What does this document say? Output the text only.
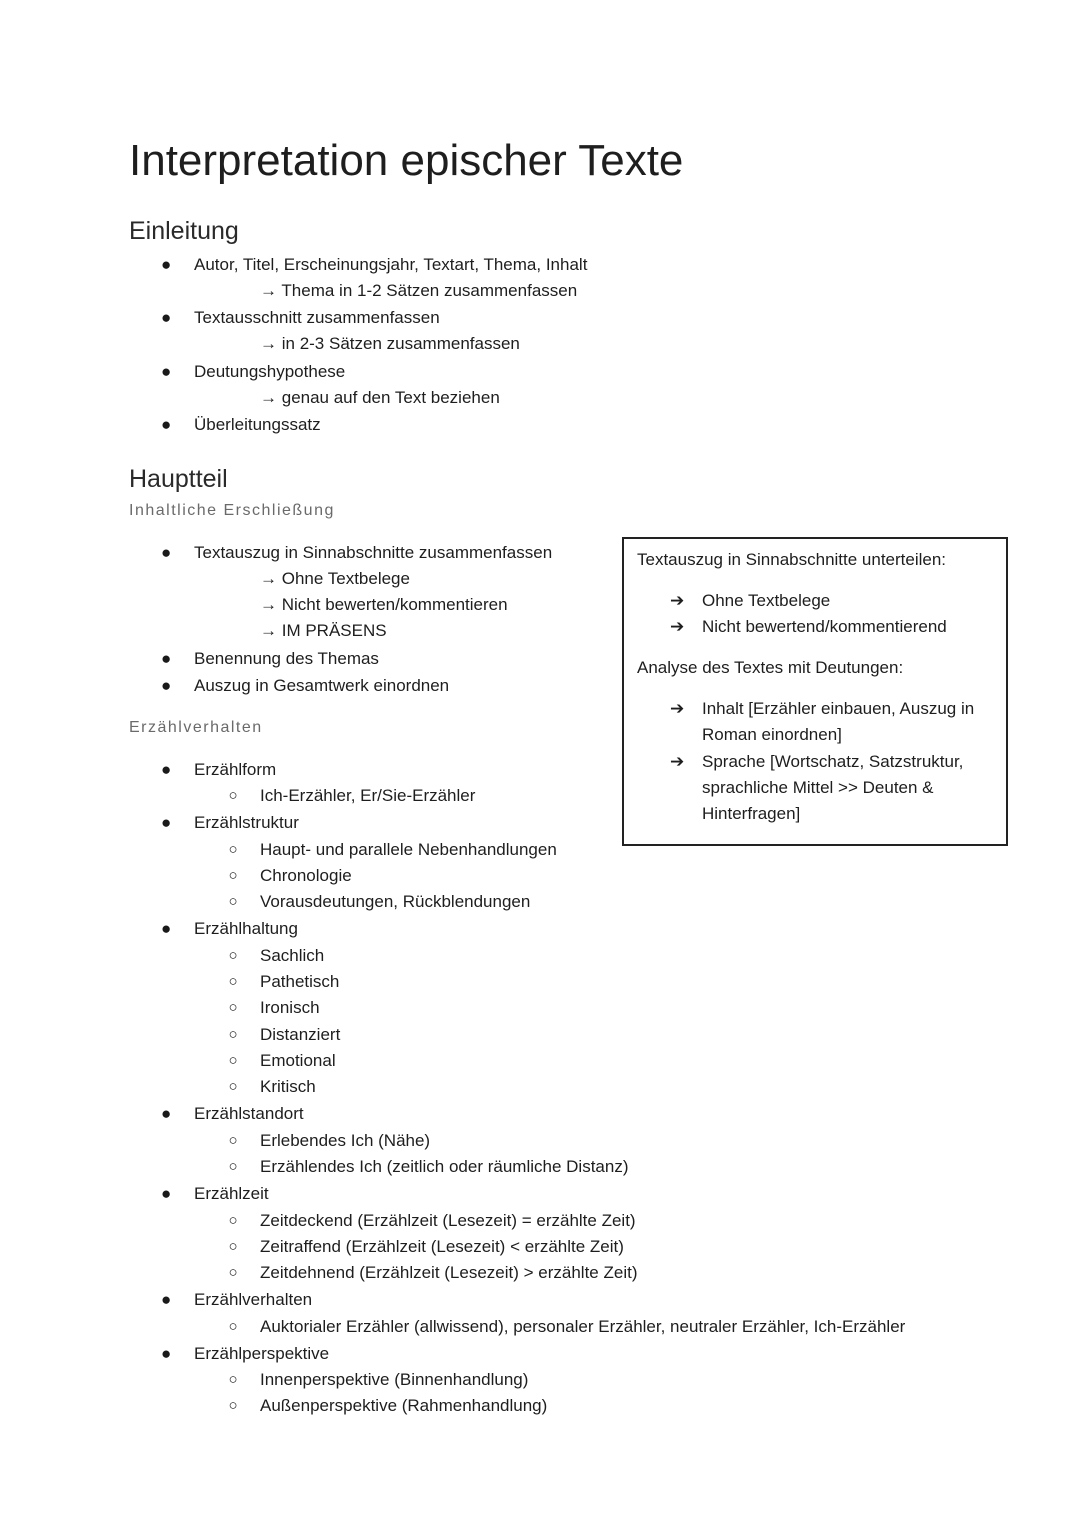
Interpretation epischer Texte
Einleitung
● Autor, Titel, Erscheinungsjahr, Textart, Thema, Inhalt
→ Thema in 1-2 Sätzen zusammenfassen
● Textausschnitt zusammenfassen
→ in 2-3 Sätzen zusammenfassen
● Deutungshypothese
→ genau auf den Text beziehen
● Überleitungssatz
Hauptteil
Inhaltliche Erschließung
● Textauszug in Sinnabschnitte zusammenfassen
→ Ohne Textbelege
→ Nicht bewerten/kommentieren
→ IM PRÄSENS
● Benennung des Themas
● Auszug in Gesamtwerk einordnen
Erzählverhalten
● Erzählform
○ Ich-Erzähler, Er/Sie-Erzähler
● Erzählstruktur
○ Haupt- und parallele Nebenhandlungen
○ Chronologie
○ Vorausdeutungen, Rückblendungen
● Erzählhaltung
○ Sachlich
○ Pathetisch
○ Ironisch
○ Distanziert
○ Emotional
○ Kritisch
● Erzählstandort
○ Erlebendes Ich (Nähe)
○ Erzählendes Ich (zeitlich oder räumliche Distanz)
● Erzählzeit
○ Zeitdeckend (Erzählzeit (Lesezeit) = erzählte Zeit)
○ Zeitraffend (Erzählzeit (Lesezeit) < erzählte Zeit)
○ Zeitdehnend (Erzählzeit (Lesezeit) > erzählte Zeit)
● Erzählverhalten
○ Auktorialer Erzähler (allwissend), personaler Erzähler, neutraler Erzähler, Ich-Erzähler
● Erzählperspektive
○ Innenperspektive (Binnenhandlung)
○ Außenperspektive (Rahmenhandlung)
Textauszug in Sinnabschnitte unterteilen:
➔ Ohne Textbelege
➔ Nicht bewertend/kommentierend
Analyse des Textes mit Deutungen:
➔ Inhalt [Erzähler einbauen, Auszug in
Roman einordnen]
➔ Sprache [Wortschatz, Satzstruktur,
sprachliche Mittel >> Deuten &
Hinterfragen]
